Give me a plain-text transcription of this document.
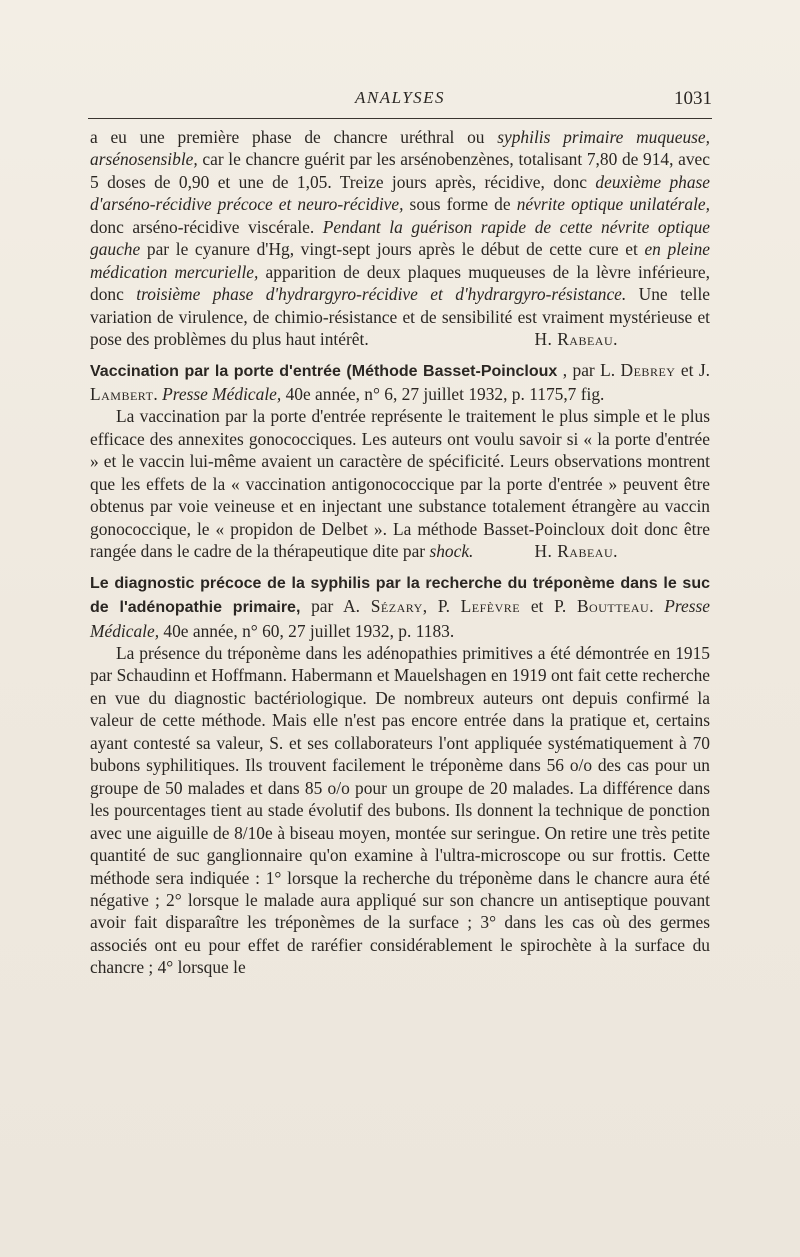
ANALYSES	1031

a eu une première phase de chancre uréthral ou syphilis primaire muqueuse, arsénosensible, car le chancre guérit par les arsénobenzènes, totalisant 7,80 de 914, avec 5 doses de 0,90 et une de 1,05. Treize jours après, récidive, donc deuxième phase d'arséno-récidive précoce et neuro-récidive, sous forme de névrite optique unilatérale, donc arséno-récidive viscérale. Pendant la guérison rapide de cette névrite optique gauche par le cyanure d'Hg, vingt-sept jours après le début de cette cure et en pleine médication mercurielle, apparition de deux plaques muqueuses de la lèvre inférieure, donc troisième phase d'hydrargyro-récidive et d'hydrargyro-résistance. Une telle variation de virulence, de chimio-résistance et de sensibilité est vraiment mystérieuse et pose des problèmes du plus haut intérêt.	H. Rabeau.

Vaccination par la porte d'entrée (Méthode Basset-Poincloux , par L. Debrey et J. Lambert. Presse Médicale, 40e année, n° 6, 27 juillet 1932, p. 1175,7 fig.

La vaccination par la porte d'entrée représente le traitement le plus simple et le plus efficace des annexites gonococciques. Les auteurs ont voulu savoir si « la porte d'entrée » et le vaccin lui-même avaient un caractère de spécificité. Leurs observations montrent que les effets de la « vaccination antigonococcique par la porte d'entrée » peuvent être obtenus par voie veineuse et en injectant une substance totalement étrangère au vaccin gonococcique, le « propidon de Delbet ». La méthode Basset-Poincloux doit donc être rangée dans le cadre de la thérapeutique dite par shock.	H. Rabeau.

Le diagnostic précoce de la syphilis par la recherche du tréponème dans le suc de l'adénopathie primaire, par A. Sézary, P. Lefèvre et P. Boutteau. Presse Médicale, 40e année, n° 60, 27 juillet 1932, p. 1183.

La présence du tréponème dans les adénopathies primitives a été démontrée en 1915 par Schaudinn et Hoffmann. Habermann et Mauelshagen en 1919 ont fait cette recherche en vue du diagnostic bactériologique. De nombreux auteurs ont depuis confirmé la valeur de cette méthode. Mais elle n'est pas encore entrée dans la pratique et, certains ayant contesté sa valeur, S. et ses collaborateurs l'ont appliquée systématiquement à 70 bubons syphilitiques. Ils trouvent facilement le tréponème dans 56 o/o des cas pour un groupe de 50 malades et dans 85 o/o pour un groupe de 20 malades. La différence dans les pourcentages tient au stade évolutif des bubons. Ils donnent la technique de ponction avec une aiguille de 8/10e à biseau moyen, montée sur seringue. On retire une très petite quantité de suc ganglionnaire qu'on examine à l'ultra-microscope ou sur frottis. Cette méthode sera indiquée : 1° lorsque la recherche du tréponème dans le chancre aura été négative ; 2° lorsque le malade aura appliqué sur son chancre un antiseptique pouvant avoir fait disparaître les tréponèmes de la surface ; 3° dans les cas où des germes associés ont eu pour effet de raréfier considérablement le spirochète à la surface du chancre ; 4° lorsque le
